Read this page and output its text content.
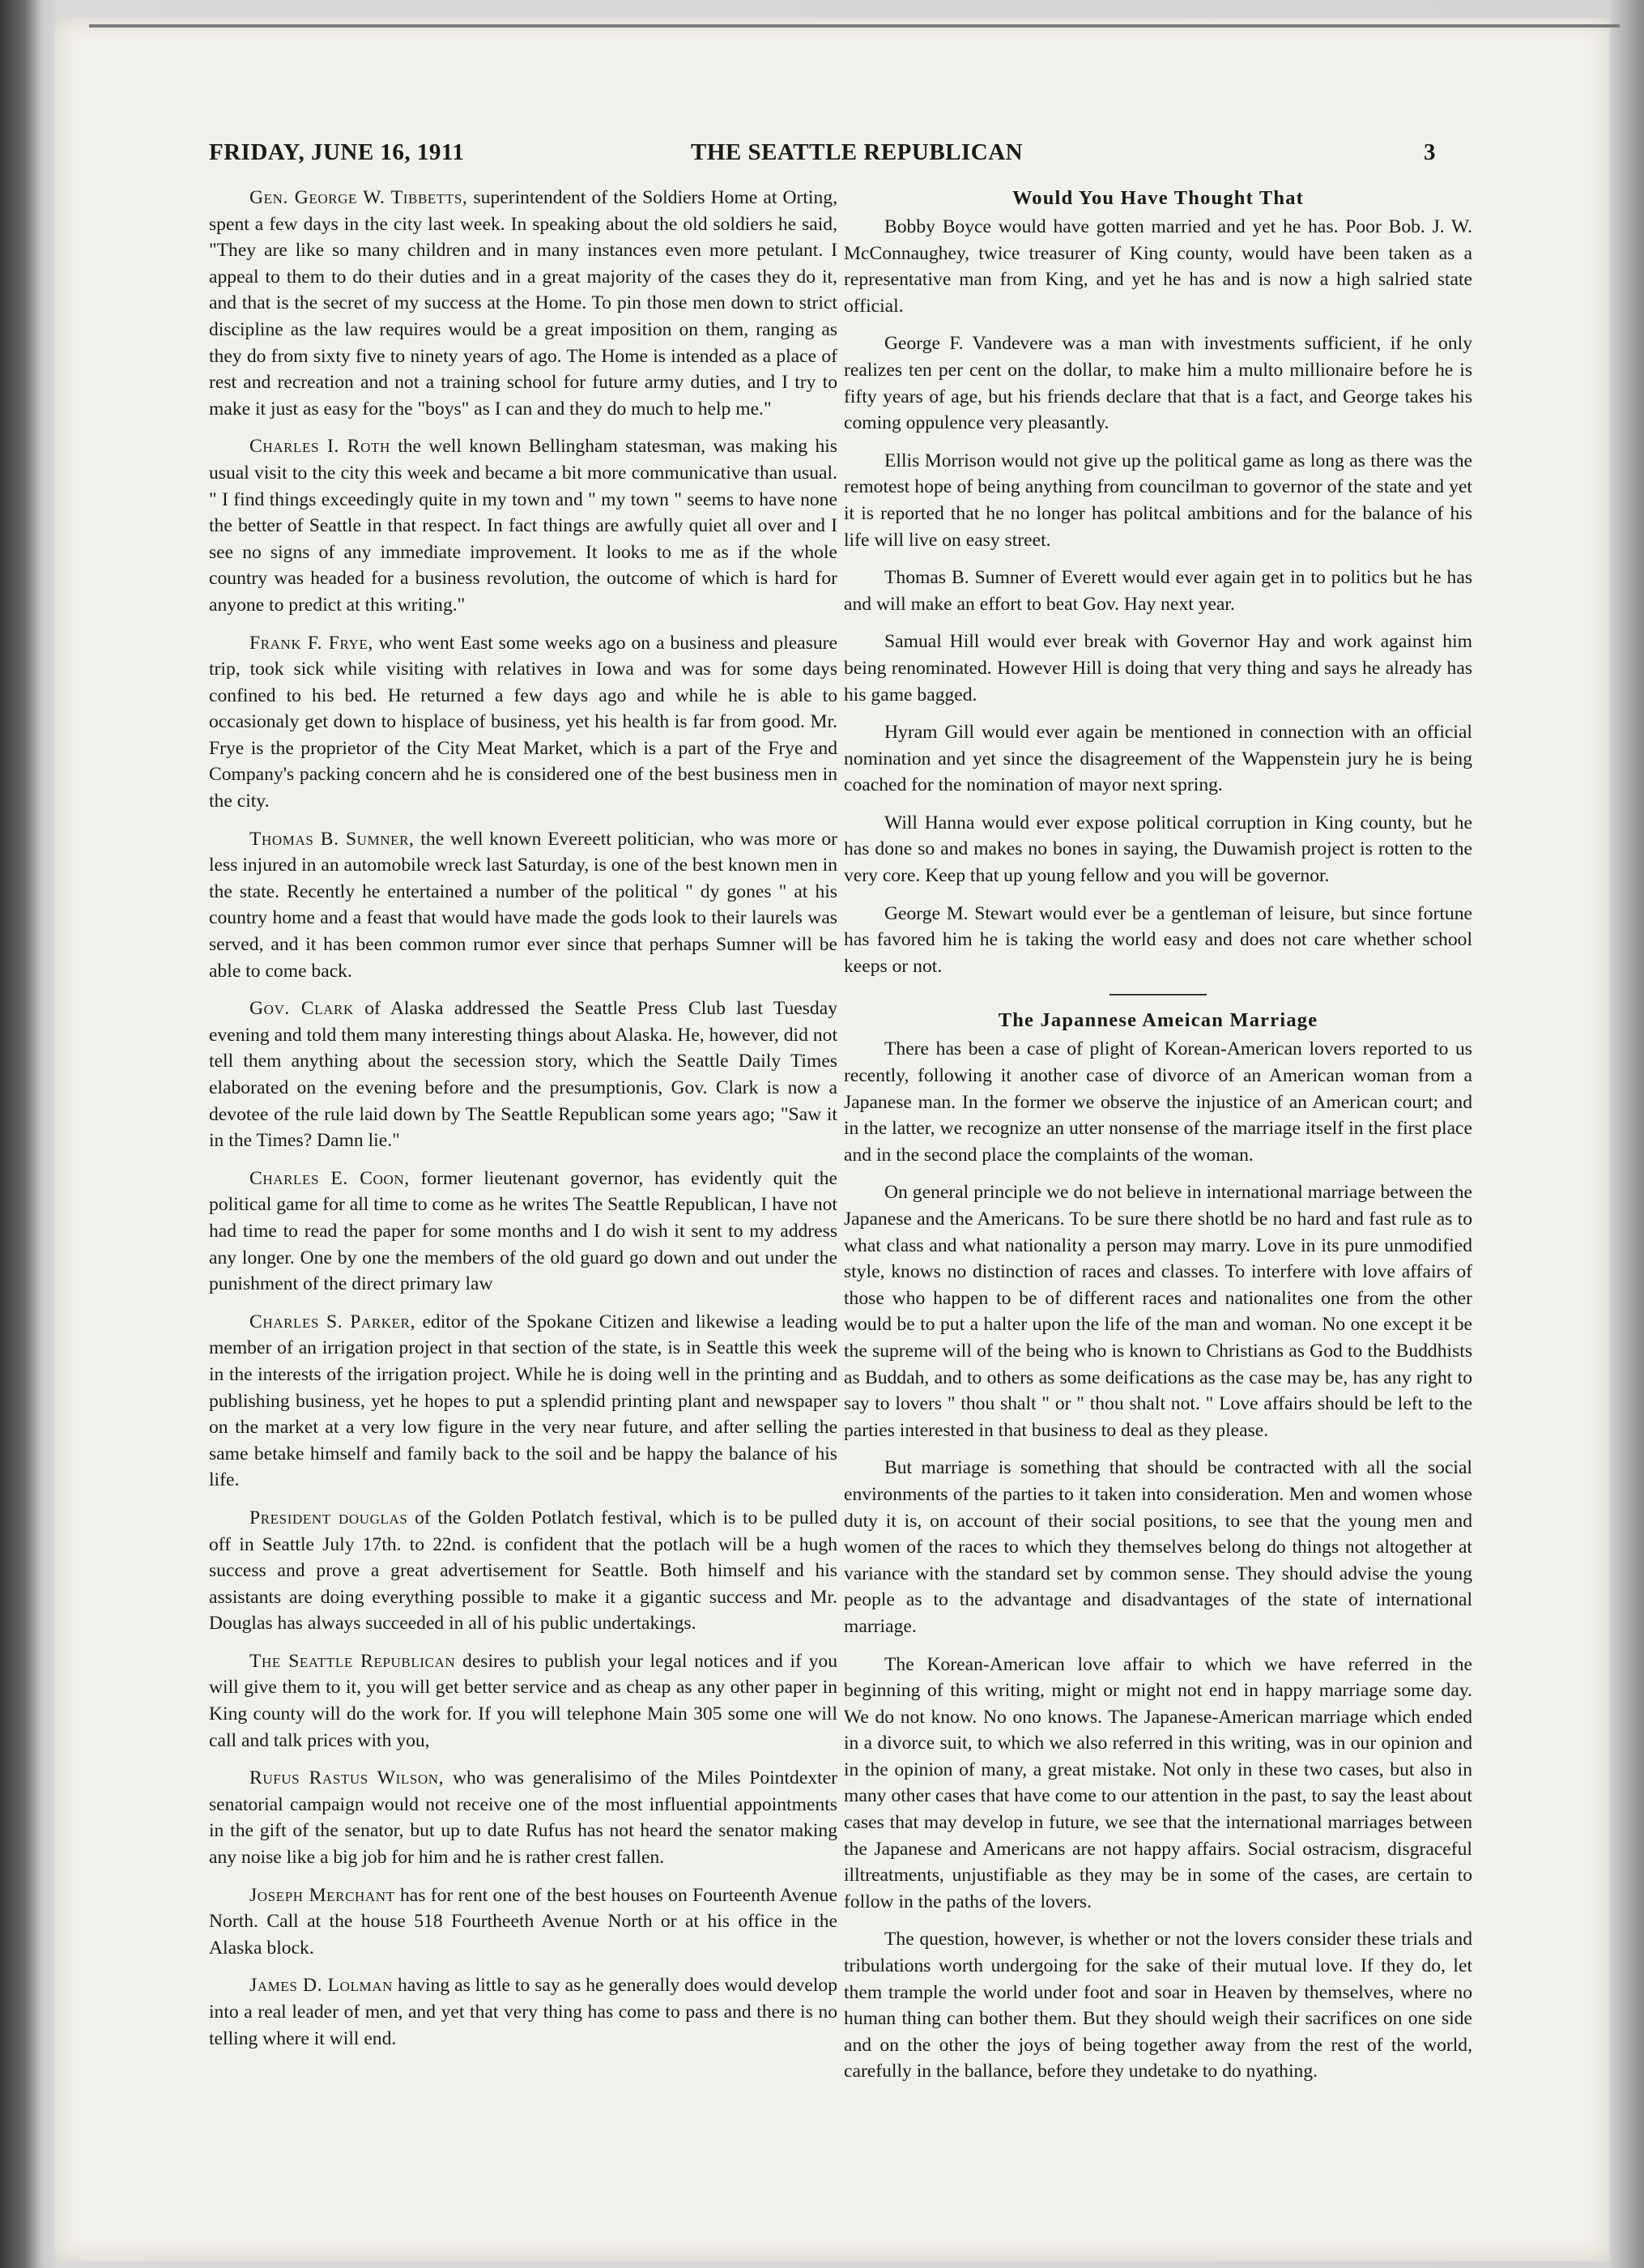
FRIDAY, JUNE 16, 1911	THE SEATTLE REPUBLICAN	3

Gen. George W. Tibbetts, superintendent of the Soldiers Home at Orting, spent a few days in the city last week. In speaking about the old soldiers he said, "They are like so many children and in many instances even more petulant. I appeal to them to do their duties and in a great majority of the cases they do it, and that is the secret of my success at the Home. To pin those men down to strict discipline as the law requires would be a great imposition on them, ranging as they do from sixty five to ninety years of ago. The Home is intended as a place of rest and recreation and not a training school for future army duties, and I try to make it just as easy for the "boys" as I can and they do much to help me."

Charles I. Roth the well known Bellingham statesman, was making his usual visit to the city this week and became a bit more communicative than usual. " I find things exceedingly quite in my town and " my town " seems to have none the better of Seattle in that respect. In fact things are awfully quiet all over and I see no signs of any immediate improvement. It looks to me as if the whole country was headed for a business revolution, the outcome of which is hard for anyone to predict at this writing."

Frank F. Frye, who went East some weeks ago on a business and pleasure trip, took sick while visiting with relatives in Iowa and was for some days confined to his bed. He returned a few days ago and while he is able to occasionaly get down to hisplace of business, yet his health is far from good. Mr. Frye is the proprietor of the City Meat Market, which is a part of the Frye and Company's packing concern ahd he is considered one of the best business men in the city.

Thomas B. Sumner, the well known Evereett politician, who was more or less injured in an automobile wreck last Saturday, is one of the best known men in the state. Recently he entertained a number of the political " dy gones " at his country home and a feast that would have made the gods look to their laurels was served, and it has been common rumor ever since that perhaps Sumner will be able to come back.

Gov. Clark of Alaska addressed the Seattle Press Club last Tuesday evening and told them many interesting things about Alaska. He, however, did not tell them anything about the secession story, which the Seattle Daily Times elaborated on the evening before and the presumptionis, Gov. Clark is now a devotee of the rule laid down by The Seattle Republican some years ago; "Saw it in the Times? Damn lie."

Charles E. Coon, former lieutenant governor, has evidently quit the political game for all time to come as he writes The Seattle Republican, I have not had time to read the paper for some months and I do wish it sent to my address any longer. One by one the members of the old guard go down and out under the punishment of the direct primary law

Charles S. Parker, editor of the Spokane Citizen and likewise a leading member of an irrigation project in that section of the state, is in Seattle this week in the interests of the irrigation project. While he is doing well in the printing and publishing business, yet he hopes to put a splendid printing plant and newspaper on the market at a very low figure in the very near future, and after selling the same betake himself and family back to the soil and be happy the balance of his life.

President douglas of the Golden Potlatch festival, which is to be pulled off in Seattle July 17th. to 22nd. is confident that the potlach will be a hugh success and prove a great advertisement for Seattle. Both himself and his assistants are doing everything possible to make it a gigantic success and Mr. Douglas has always succeeded in all of his public undertakings.

The Seattle Republican desires to publish your legal notices and if you will give them to it, you will get better service and as cheap as any other paper in King county will do the work for. If you will telephone Main 305 some one will call and talk prices with you,

Rufus Rastus Wilson, who was generalisimo of the Miles Pointdexter senatorial campaign would not receive one of the most influential appointments in the gift of the senator, but up to date Rufus has not heard the senator making any noise like a big job for him and he is rather crest fallen.

Joseph Merchant has for rent one of the best houses on Fourteenth Avenue North. Call at the house 518 Fourtheeth Avenue North or at his office in the Alaska block.

James D. Lolman having as little to say as he generally does would develop into a real leader of men, and yet that very thing has come to pass and there is no telling where it will end.

Would You Have Thought That

Bobby Boyce would have gotten married and yet he has. Poor Bob. J. W. McConnaughey, twice treasurer of King county, would have been taken as a representative man from King, and yet he has and is now a high salried state official.

George F. Vandevere was a man with investments sufficient, if he only realizes ten per cent on the dollar, to make him a multo millionaire before he is fifty years of age, but his friends declare that that is a fact, and George takes his coming oppulence very pleasantly.

Ellis Morrison would not give up the political game as long as there was the remotest hope of being anything from councilman to governor of the state and yet it is reported that he no longer has politcal ambitions and for the balance of his life will live on easy street.

Thomas B. Sumner of Everett would ever again get in to politics but he has and will make an effort to beat Gov. Hay next year.

Samual Hill would ever break with Governor Hay and work against him being renominated. However Hill is doing that very thing and says he already has his game bagged.

Hyram Gill would ever again be mentioned in connection with an official nomination and yet since the disagreement of the Wappenstein jury he is being coached for the nomination of mayor next spring.

Will Hanna would ever expose political corruption in King county, but he has done so and makes no bones in saying, the Duwamish project is rotten to the very core. Keep that up young fellow and you will be governor.

George M. Stewart would ever be a gentleman of leisure, but since fortune has favored him he is taking the world easy and does not care whether school keeps or not.

The Japannese Ameican Marriage

There has been a case of plight of Korean-American lovers reported to us recently, following it another case of divorce of an American woman from a Japanese man. In the former we observe the injustice of an American court; and in the latter, we recognize an utter nonsense of the marriage itself in the first place and in the second place the complaints of the woman.

On general principle we do not believe in international marriage between the Japanese and the Americans. To be sure there shotld be no hard and fast rule as to what class and what nationality a person may marry. Love in its pure unmodified style, knows no distinction of races and classes. To interfere with love affairs of those who happen to be of different races and nationalites one from the other would be to put a halter upon the life of the man and woman. No one except it be the supreme will of the being who is known to Christians as God to the Buddhists as Buddah, and to others as some deifications as the case may be, has any right to say to lovers " thou shalt " or " thou shalt not. " Love affairs should be left to the parties interested in that business to deal as they please.

But marriage is something that should be contracted with all the social environments of the parties to it taken into consideration. Men and women whose duty it is, on account of their social positions, to see that the young men and women of the races to which they themselves belong do things not altogether at variance with the standard set by common sense. They should advise the young people as to the advantage and disadvantages of the state of international marriage.

The Korean-American love affair to which we have referred in the beginning of this writing, might or might not end in happy marriage some day. We do not know. No ono knows. The Japanese-American marriage which ended in a divorce suit, to which we also referred in this writing, was in our opinion and in the opinion of many, a great mistake. Not only in these two cases, but also in many other cases that have come to our attention in the past, to say the least about cases that may develop in future, we see that the international marriages between the Japanese and Americans are not happy affairs. Social ostracism, disgraceful illtreatments, unjustifiable as they may be in some of the cases, are certain to follow in the paths of the lovers.

The question, however, is whether or not the lovers consider these trials and tribulations worth undergoing for the sake of their mutual love. If they do, let them trample the world under foot and soar in Heaven by themselves, where no human thing can bother them. But they should weigh their sacrifices on one side and on the other the joys of being together away from the rest of the world, carefully in the ballance, before they undetake to do nyathing.
